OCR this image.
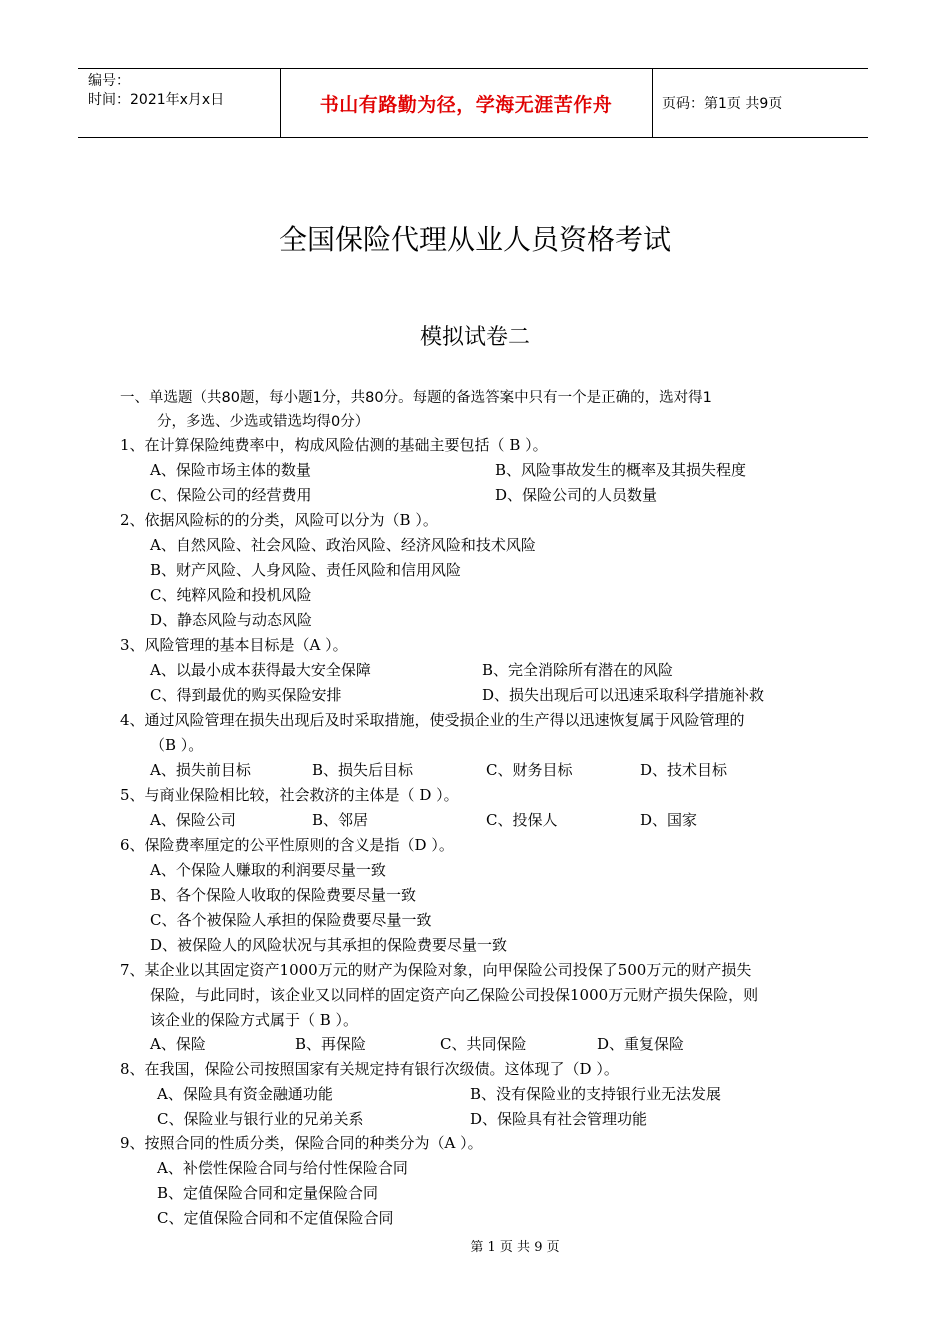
编号：
时间：2021年x月x日	书山有路勤为径，学海无涯苦作舟	页码：第1页 共9页
全国保险代理从业人员资格考试
模拟试卷二
一、单选题（共80题，每小题1分，共80分。每题的备选答案中只有一个是正确的，选对得1
分，多选、少选或错选均得0分）
1、在计算保险纯费率中，构成风险估测的基础主要包括（ B ）。
A、保险市场主体的数量	B、风险事故发生的概率及其损失程度
C、保险公司的经营费用	D、保险公司的人员数量
2、依据风险标的的分类，风险可以分为（B ）。
A、自然风险、社会风险、政治风险、经济风险和技术风险
B、财产风险、人身风险、责任风险和信用风险
C、纯粹风险和投机风险
D、静态风险与动态风险
3、风险管理的基本目标是（A ）。
A、以最小成本获得最大安全保障	B、完全消除所有潜在的风险
C、得到最优的购买保险安排	D、损失出现后可以迅速采取科学措施补救
4、通过风险管理在损失出现后及时采取措施，使受损企业的生产得以迅速恢复属于风险管理的
（B ）。
A、损失前目标	B、损失后目标	C、财务目标	D、技术目标
5、与商业保险相比较，社会救济的主体是（ D ）。
A、保险公司	B、邻居	C、投保人	D、国家
6、保险费率厘定的公平性原则的含义是指（D ）。
A、个保险人赚取的利润要尽量一致
B、各个保险人收取的保险费要尽量一致
C、各个被保险人承担的保险费要尽量一致
D、被保险人的风险状况与其承担的保险费要尽量一致
7、某企业以其固定资产1000万元的财产为保险对象，向甲保险公司投保了500万元的财产损失
保险，与此同时，该企业又以同样的固定资产向乙保险公司投保1000万元财产损失保险，则
该企业的保险方式属于（ B ）。
A、保险	B、再保险	C、共同保险	D、重复保险
8、在我国，保险公司按照国家有关规定持有银行次级债。这体现了（D ）。
A、保险具有资金融通功能	B、没有保险业的支持银行业无法发展
C、保险业与银行业的兄弟关系	D、保险具有社会管理功能
9、按照合同的性质分类，保险合同的种类分为（A ）。
A、补偿性保险合同与给付性保险合同
B、定值保险合同和定量保险合同
C、定值保险合同和不定值保险合同
第 1 页 共 9 页
